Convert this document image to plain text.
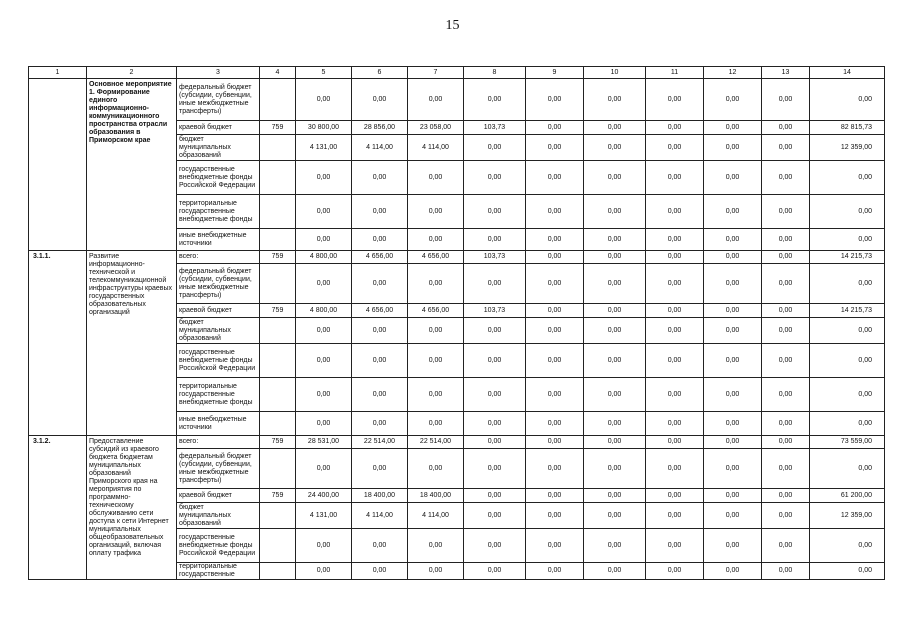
15
1	2	3	4	5	6	7	8	9	10	11	12	13	14
	Основное мероприятие 1. Формирование единого информационно-коммуникационного пространства отрасли образования в Приморском крае	федеральный бюджет (субсидии, субвенции, иные межбюджетные трансферты)		0,00	0,00	0,00	0,00	0,00	0,00	0,00	0,00	0,00	0,00
		краевой бюджет	759	30 800,00	28 856,00	23 058,00	103,73	0,00	0,00	0,00	0,00	0,00	82 815,73
		бюджет муниципальных образований		4 131,00	4 114,00	4 114,00	0,00	0,00	0,00	0,00	0,00	0,00	12 359,00
		государственные внебюджетные фонды Российской Федерации		0,00	0,00	0,00	0,00	0,00	0,00	0,00	0,00	0,00	0,00
		территориальные государственные внебюджетные фонды		0,00	0,00	0,00	0,00	0,00	0,00	0,00	0,00	0,00	0,00
		иные внебюджетные источники		0,00	0,00	0,00	0,00	0,00	0,00	0,00	0,00	0,00	0,00
3.1.1.	Развитие информационно-технической и телекоммуникационной инфраструктуры краевых государственных образовательных организаций	всего:	759	4 800,00	4 656,00	4 656,00	103,73	0,00	0,00	0,00	0,00	0,00	14 215,73
		федеральный бюджет (субсидии, субвенции, иные межбюджетные трансферты)		0,00	0,00	0,00	0,00	0,00	0,00	0,00	0,00	0,00	0,00
		краевой бюджет	759	4 800,00	4 656,00	4 656,00	103,73	0,00	0,00	0,00	0,00	0,00	14 215,73
		бюджет муниципальных образований		0,00	0,00	0,00	0,00	0,00	0,00	0,00	0,00	0,00	0,00
		государственные внебюджетные фонды Российской Федерации		0,00	0,00	0,00	0,00	0,00	0,00	0,00	0,00	0,00	0,00
		территориальные государственные внебюджетные фонды		0,00	0,00	0,00	0,00	0,00	0,00	0,00	0,00	0,00	0,00
		иные внебюджетные источники		0,00	0,00	0,00	0,00	0,00	0,00	0,00	0,00	0,00	0,00
3.1.2.	Предоставление субсидий из краевого бюджета бюджетам муниципальных образований Приморского края на мероприятия по программно-техническому обслуживанию сети доступа к сети Интернет муниципальных общеобразовательных организаций, включая оплату трафика	всего:	759	28 531,00	22 514,00	22 514,00	0,00	0,00	0,00	0,00	0,00	0,00	73 559,00
		федеральный бюджет (субсидии, субвенции, иные межбюджетные трансферты)		0,00	0,00	0,00	0,00	0,00	0,00	0,00	0,00	0,00	0,00
		краевой бюджет	759	24 400,00	18 400,00	18 400,00	0,00	0,00	0,00	0,00	0,00	0,00	61 200,00
		бюджет муниципальных образований		4 131,00	4 114,00	4 114,00	0,00	0,00	0,00	0,00	0,00	0,00	12 359,00
		государственные внебюджетные фонды Российской Федерации		0,00	0,00	0,00	0,00	0,00	0,00	0,00	0,00	0,00	0,00
		территориальные государственные		0,00	0,00	0,00	0,00	0,00	0,00	0,00	0,00	0,00	0,00
